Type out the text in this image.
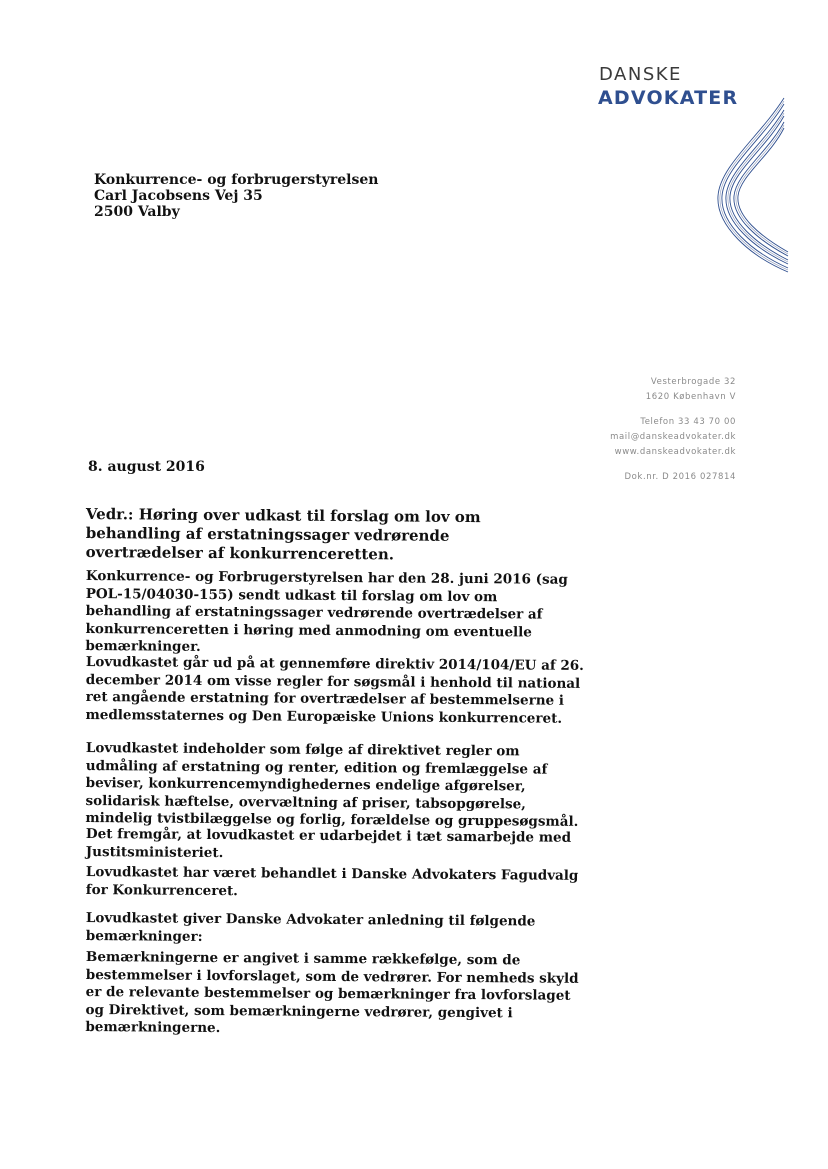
DANSKE
ADVOKATER
Konkurrence- og forbrugerstyrelsen
Carl Jacobsens Vej 35
2500 Valby
Vesterbrogade 32
1620 København V
Telefon 33 43 70 00
mail@danskeadvokater.dk
www.danskeadvokater.dk
Dok.nr. D 2016 027814
8. august 2016
Vedr.: Høring over udkast til forslag om lov om behandling af erstatningssager vedrørende overtrædelser af konkurrenceretten.

Konkurrence- og Forbrugerstyrelsen har den 28. juni 2016 (sag POL-15/04030-155) sendt udkast til forslag om lov om behandling af erstatningssager vedrørende overtrædelser af konkurrenceretten i høring med anmodning om eventuelle bemærkninger.

Lovudkastet går ud på at gennemføre direktiv 2014/104/EU af 26. december 2014 om visse regler for søgsmål i henhold til national ret angående erstatning for overtrædelser af bestemmelserne i medlemsstaternes og Den Europæiske Unions konkurrenceret.

Lovudkastet indeholder som følge af direktivet regler om udmåling af erstatning og renter, edition og fremlæggelse af beviser, konkurrencemyndighedernes endelige afgørelser, solidarisk hæftelse, overvæltning af priser, tabsopgørelse, mindelig tvistbilæggelse og forlig, forældelse og gruppesøgsmål.

Det fremgår, at lovudkastet er udarbejdet i tæt samarbejde med Justitsministeriet.

Lovudkastet har været behandlet i Danske Advokaters Fagudvalg for Konkurrenceret.

Lovudkastet giver Danske Advokater anledning til følgende bemærkninger:

Bemærkningerne er angivet i samme rækkefølge, som de bestemmelser i lovforslaget, som de vedrører. For nemheds skyld er de relevante bestemmelser og bemærkninger fra lovforslaget og Direktivet, som bemærkningerne vedrører, gengivet i bemærkningerne.
